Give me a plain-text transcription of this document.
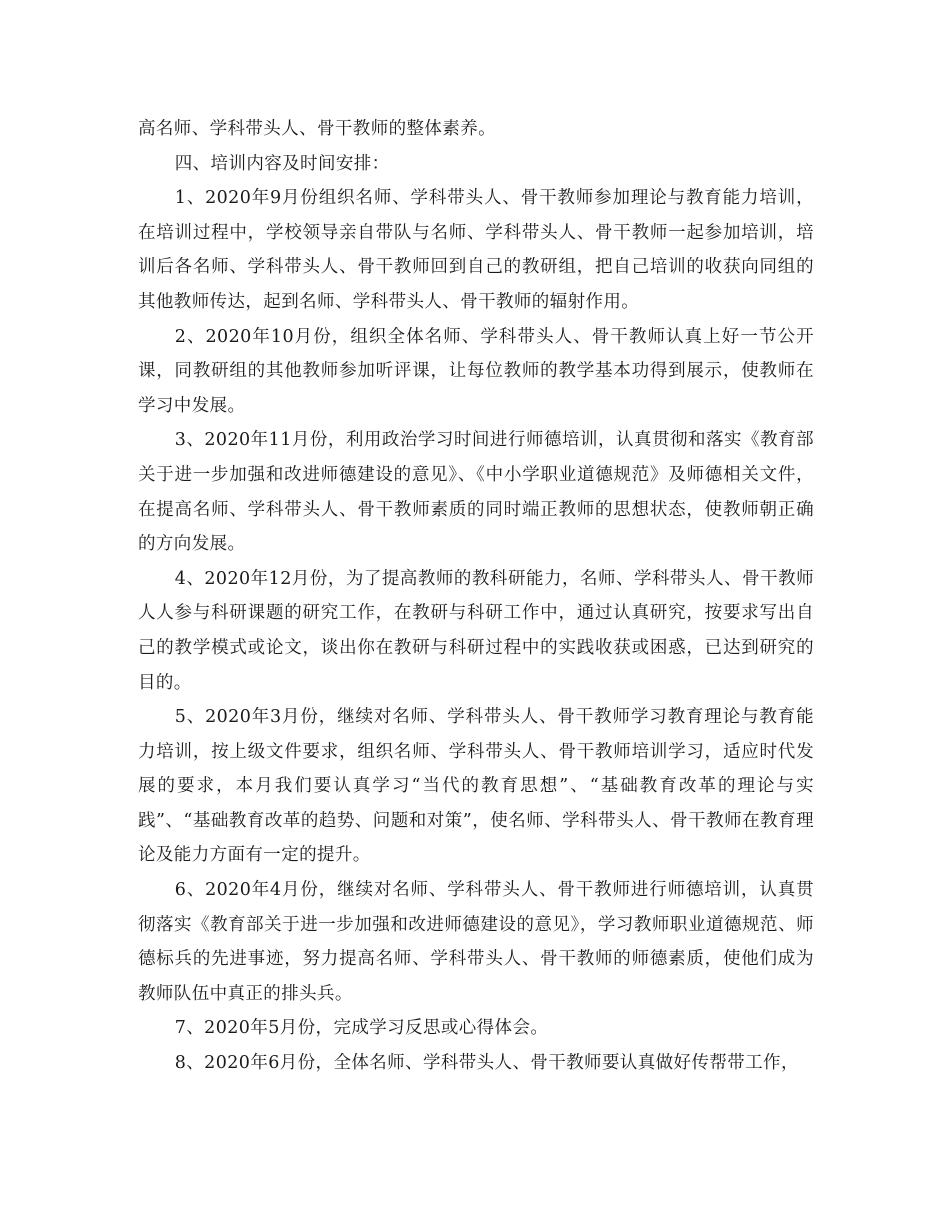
高名师、学科带头人、骨干教师的整体素养。

四、培训内容及时间安排：

1、2020年9月份组织名师、学科带头人、骨干教师参加理论与教育能力培训，在培训过程中，学校领导亲自带队与名师、学科带头人、骨干教师一起参加培训，培训后各名师、学科带头人、骨干教师回到自己的教研组，把自己培训的收获向同组的其他教师传达，起到名师、学科带头人、骨干教师的辐射作用。

2、2020年10月份，组织全体名师、学科带头人、骨干教师认真上好一节公开课，同教研组的其他教师参加听评课，让每位教师的教学基本功得到展示，使教师在学习中发展。

3、2020年11月份，利用政治学习时间进行师德培训，认真贯彻和落实《教育部关于进一步加强和改进师德建设的意见》、《中小学职业道德规范》及师德相关文件，在提高名师、学科带头人、骨干教师素质的同时端正教师的思想状态，使教师朝正确的方向发展。

4、2020年12月份，为了提高教师的教科研能力，名师、学科带头人、骨干教师人人参与科研课题的研究工作，在教研与科研工作中，通过认真研究，按要求写出自己的教学模式或论文，谈出你在教研与科研过程中的实践收获或困惑，已达到研究的目的。

5、2020年3月份，继续对名师、学科带头人、骨干教师学习教育理论与教育能力培训，按上级文件要求，组织名师、学科带头人、骨干教师培训学习，适应时代发展的要求，本月我们要认真学习“当代的教育思想”、“基础教育改革的理论与实践”、“基础教育改革的趋势、问题和对策”，使名师、学科带头人、骨干教师在教育理论及能力方面有一定的提升。

6、2020年4月份，继续对名师、学科带头人、骨干教师进行师德培训，认真贯彻落实《教育部关于进一步加强和改进师德建设的意见》，学习教师职业道德规范、师德标兵的先进事迹，努力提高名师、学科带头人、骨干教师的师德素质，使他们成为教师队伍中真正的排头兵。

7、2020年5月份，完成学习反思或心得体会。

8、2020年6月份，全体名师、学科带头人、骨干教师要认真做好传帮带工作，
